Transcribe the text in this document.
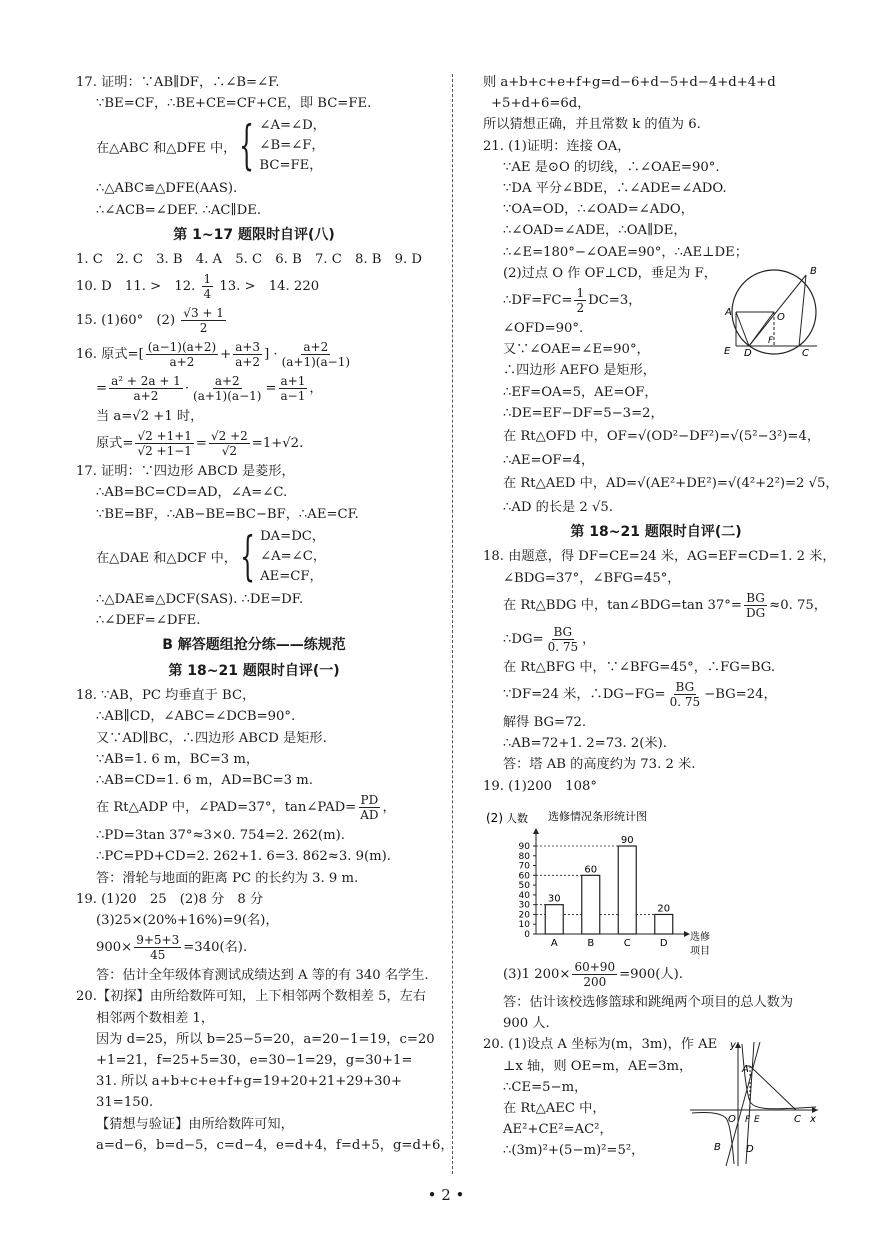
17. 证明：∵AB∥DF，∴∠B=∠F.
∵BE=CF，∴BE+CE=CF+CE，即 BC=FE.
在△ABC 和△DFE 中， { ∠A=∠D，
∠B=∠F，
BC=FE，
∴△ABC≌△DFE(AAS).
∴∠ACB=∠DEF. ∴AC∥DE.
第 1~17 题限时自评(八)
1. C　2. C　3. B　4. A　5. C　6. B　7. C　8. B　9. D
10. D　11. >　12. $\frac{1}{4} 13$. >　14. 220
15. (1)60°　$(2) \frac{√3 + 1}{2}$
16. 原式=[ $\frac{(a-1)(a+2)}{a+2} + \frac{a+3}{a+2}$ ] · $\frac{a+2}{(a+1)(a-1)}$
= $\frac{\text{a² + 2a + 1}}{a+2} \cdot \frac{a+2}{(a+1)(a-1)} = \frac{a+1}{a-1}$ ，
当 a=√2 +1 时，
原式= $\frac{√2 +1+1}{√2 +1-1} = \frac{√2 +2}{√2} =1+√2$.
17. 证明：∵四边形 ABCD 是菱形，
∴AB=BC=CD=AD，∠A=∠C.
∵BE=BF，∴AB−BE=BC−BF，∴AE=CF.
在△DAE 和△DCF 中， { DA=DC，
∠A=∠C，
AE=CF，
∴△DAE≌△DCF(SAS). ∴DE=DF.
∴∠DEF=∠DFE.
B 解答题组抢分练——练规范
第 18~21 题限时自评(一)
18. ∵AB，PC 均垂直于 BC，
∴AB∥CD，∠ABC=∠DCB=90°.
又∵AD∥BC，∴四边形 ABCD 是矩形.
∵AB=1. 6 m，BC=3 m，
∴AB=CD=1. 6 m，AD=BC=3 m.
在 Rt△ADP 中，∠PAD=37°，tan∠PAD= $\frac{PD}{AD}$ ，
∴PD=3tan 37°≈3×0. 754=2. 262(m).
∴PC=PD+CD=2. 262+1. 6=3. 862≈3. 9(m).
答：滑轮与地面的距离 PC 的长约为 3. 9 m.
19. (1)20　25　(2)8 分　8 分
(3)25×(20%+16%)=9(名)，
$900\times \frac{9+5+3}{45} =340$(名).
答：估计全年级体育测试成绩达到 A 等的有 340 名学生.
20.【初探】由所给数阵可知，上下相邻两个数相差 5，左右
相邻两个数相差 1，
因为 d=25，所以 b=25−5=20，a=20−1=19，c=20
+1=21，f=25+5=30，e=30−1=29，g=30+1=
31. 所以 a+b+c+e+f+g=19+20+21+29+30+
31=150.
【猜想与验证】由所给数阵可知，
a=d−6，b=d−5，c=d−4，e=d+4，f=d+5，g=d+6，
则 a+b+c+e+f+g=d−6+d−5+d−4+d+4+d
+5+d+6=6d，
所以猜想正确，并且常数 k 的值为 6.
21. (1)证明：连接 OA，
∵AE 是⊙O 的切线，∴∠OAE=90°.
∵DA 平分∠BDE，∴∠ADE=∠ADO.
∵OA=OD，∴∠OAD=∠ADO，
∴∠OAD=∠ADE，∴OA∥DE，
∴∠E=180°−∠OAE=90°，∴AE⊥DE；
(2)过点 O 作 OF⊥CD，垂足为 F，
∴DF=FC= $\frac{1}{2} DC=3$，
∠OFD=90°.
又∵∠OAE=∠E=90°，
∴四边形 AEFO 是矩形，
∴EF=OA=5，AE=OF，
∴DE=EF−DF=5−3=2，
在 Rt△OFD 中，OF=√(OD²−DF²)=√(5²−3²)=4，
∴AE=OF=4，
在 Rt△AED 中，AD=√(AE²+DE²)=√(4²+2²)=2 √5，
∴AD 的长是 2 √5.
第 18~21 题限时自评(二)
18. 由题意，得 DF=CE=24 米，AG=EF=CD=1. 2 米，
∠BDG=37°，∠BFG=45°，
在 Rt△BDG 中，tan∠BDG=tan $37^\circ= \frac{BG}{DG} \approx 0$. 75，
∴DG= $\frac{BG}{0. 75}$ ，
在 Rt△BFG 中，∵∠BFG=45°，∴FG=BG.
∵DF=24 米，∴DG−FG= $\frac{BG}{0. 75} -BG=24$，
解得 BG=72.
∴AB=72+1. 2=73. 2(米).
答：塔 AB 的高度约为 73. 2 米.
19. (1)200　108°
B
A	O
E D
F
C
(2) 人数 选修情况条形统计图
30
A
60
B
90
C
20
D
0
10
20
30
40
50
60
70
80
90
选修
项目
(3)1 $200\times \frac{60+90}{200} =900$(人).
答：估计该校选修篮球和跳绳两个项目的总人数为
900 人.
20. (1)设点 A 坐标为(m，3m)，作 AE
⊥x 轴，则 OE=m，AE=3m，
∴CE=5−m，
在 Rt△AEC 中，
AE²+CE²=AC²，
∴(3m)²+(5−m)²=5²，
y
A
O F E	C x
B	D
• 2 •
